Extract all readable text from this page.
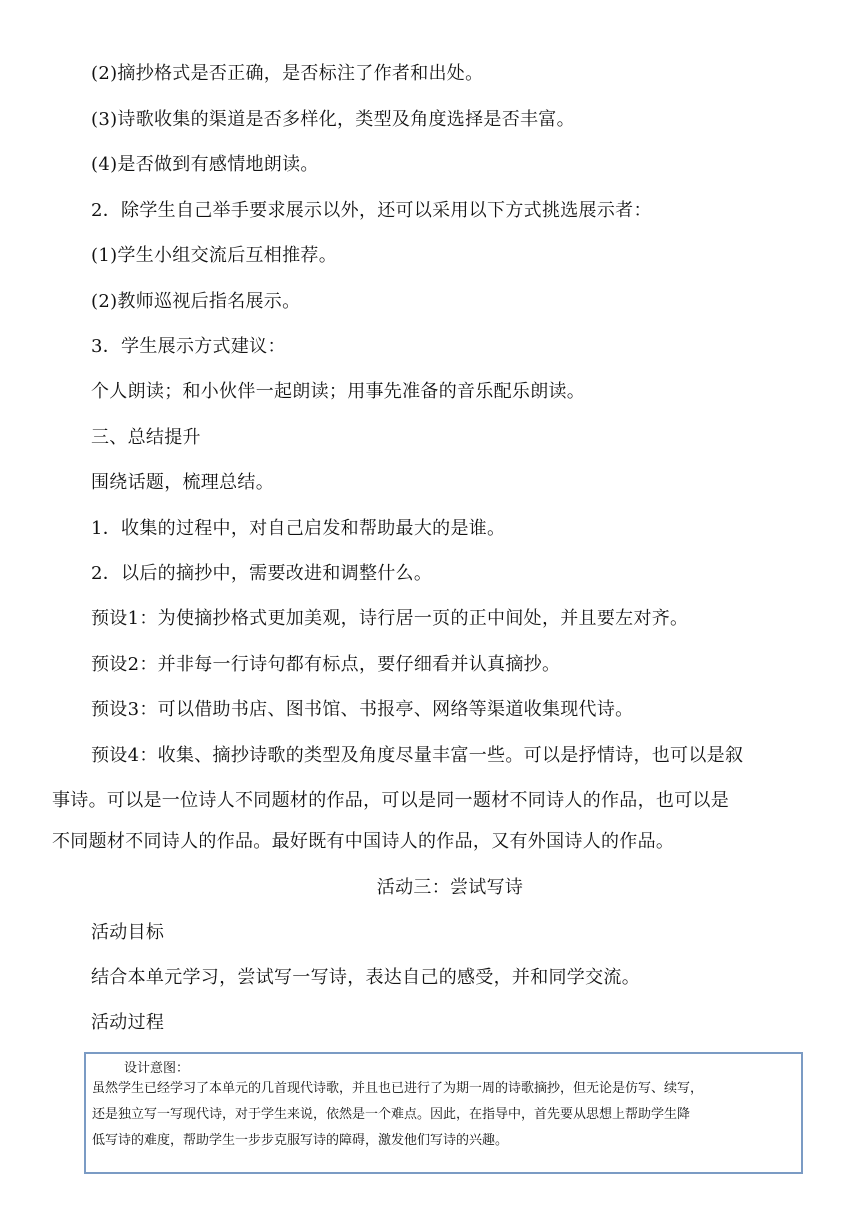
(2)摘抄格式是否正确，是否标注了作者和出处。
(3)诗歌收集的渠道是否多样化，类型及角度选择是否丰富。
(4)是否做到有感情地朗读。
2．除学生自己举手要求展示以外，还可以采用以下方式挑选展示者：
(1)学生小组交流后互相推荐。
(2)教师巡视后指名展示。
3．学生展示方式建议：
个人朗读；和小伙伴一起朗读；用事先准备的音乐配乐朗读。
三、总结提升
围绕话题，梳理总结。
1．收集的过程中，对自己启发和帮助最大的是谁。
2．以后的摘抄中，需要改进和调整什么。
预设1：为使摘抄格式更加美观，诗行居一页的正中间处，并且要左对齐。
预设2：并非每一行诗句都有标点，要仔细看并认真摘抄。
预设3：可以借助书店、图书馆、书报亭、网络等渠道收集现代诗。
预设4：收集、摘抄诗歌的类型及角度尽量丰富一些。可以是抒情诗，也可以是叙
事诗。可以是一位诗人不同题材的作品，可以是同一题材不同诗人的作品，也可以是
不同题材不同诗人的作品。最好既有中国诗人的作品，又有外国诗人的作品。
活动三：尝试写诗
活动目标
结合本单元学习，尝试写一写诗，表达自己的感受，并和同学交流。
活动过程
设计意图：
虽然学生已经学习了本单元的几首现代诗歌，并且也已进行了为期一周的诗歌摘抄，但无论是仿写、续写，
还是独立写一写现代诗，对于学生来说，依然是一个难点。因此，在指导中，首先要从思想上帮助学生降
低写诗的难度，帮助学生一步步克服写诗的障碍，激发他们写诗的兴趣。
